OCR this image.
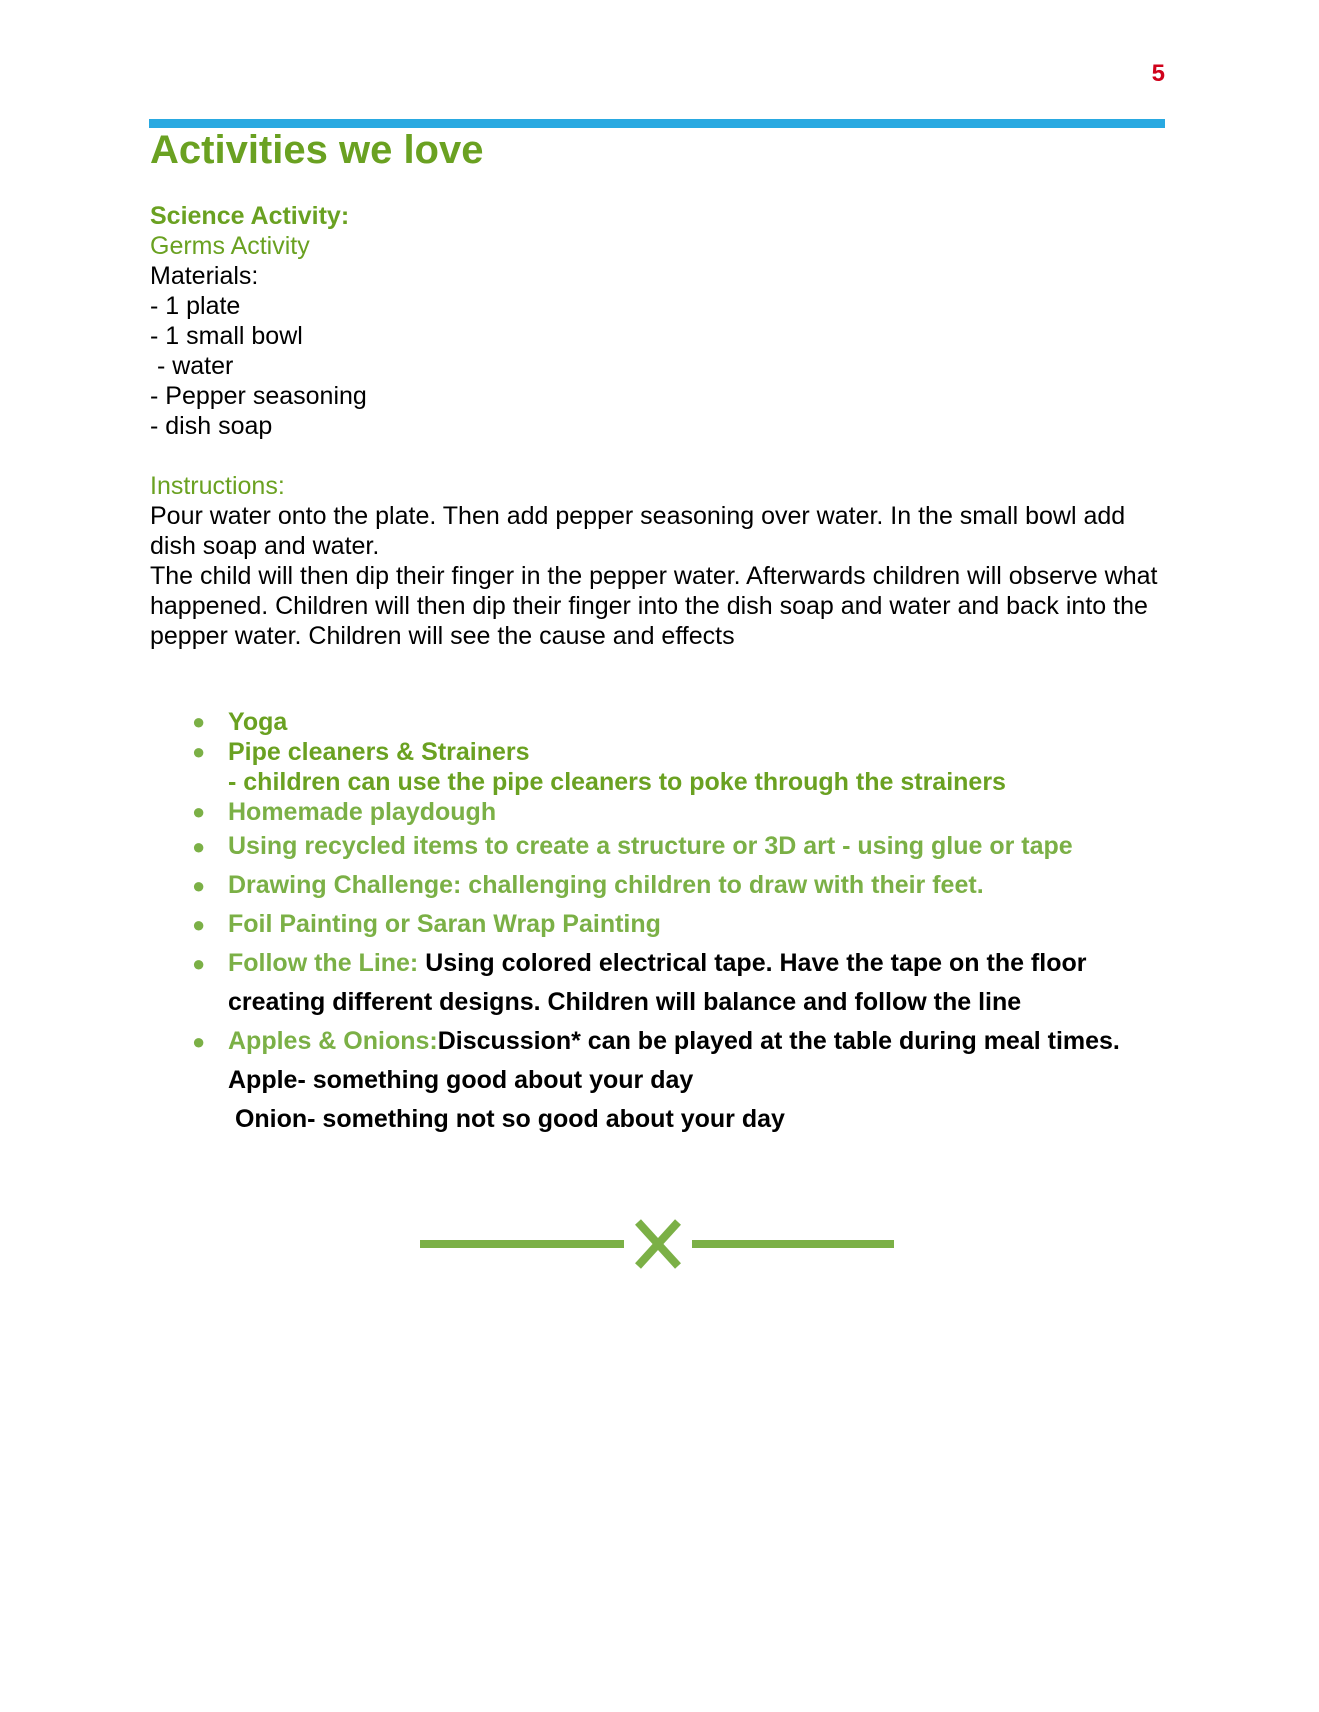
5
Activities we love
Science Activity:
Germs Activity
Materials:
- 1 plate
- 1 small bowl
- water
- Pepper seasoning
- dish soap
Instructions:
Pour water onto the plate. Then add pepper seasoning over water. In the small bowl add dish soap and water.
The child will then dip their finger in the pepper water. Afterwards children will observe what happened. Children will then dip their finger into the dish soap and water and back into the pepper water. Children will see the cause and effects
● Yoga
● Pipe cleaners & Strainers
- children can use the pipe cleaners to poke through the strainers
● Homemade playdough
● Using recycled items to create a structure or 3D art - using glue or tape
● Drawing Challenge: challenging children to draw with their feet.
● Foil Painting or Saran Wrap Painting
● Follow the Line: Using colored electrical tape. Have the tape on the floor creating different designs. Children will balance and follow the line
● Apples & Onions:Discussion* can be played at the table during meal times.
Apple- something good about your day
Onion- something not so good about your day
